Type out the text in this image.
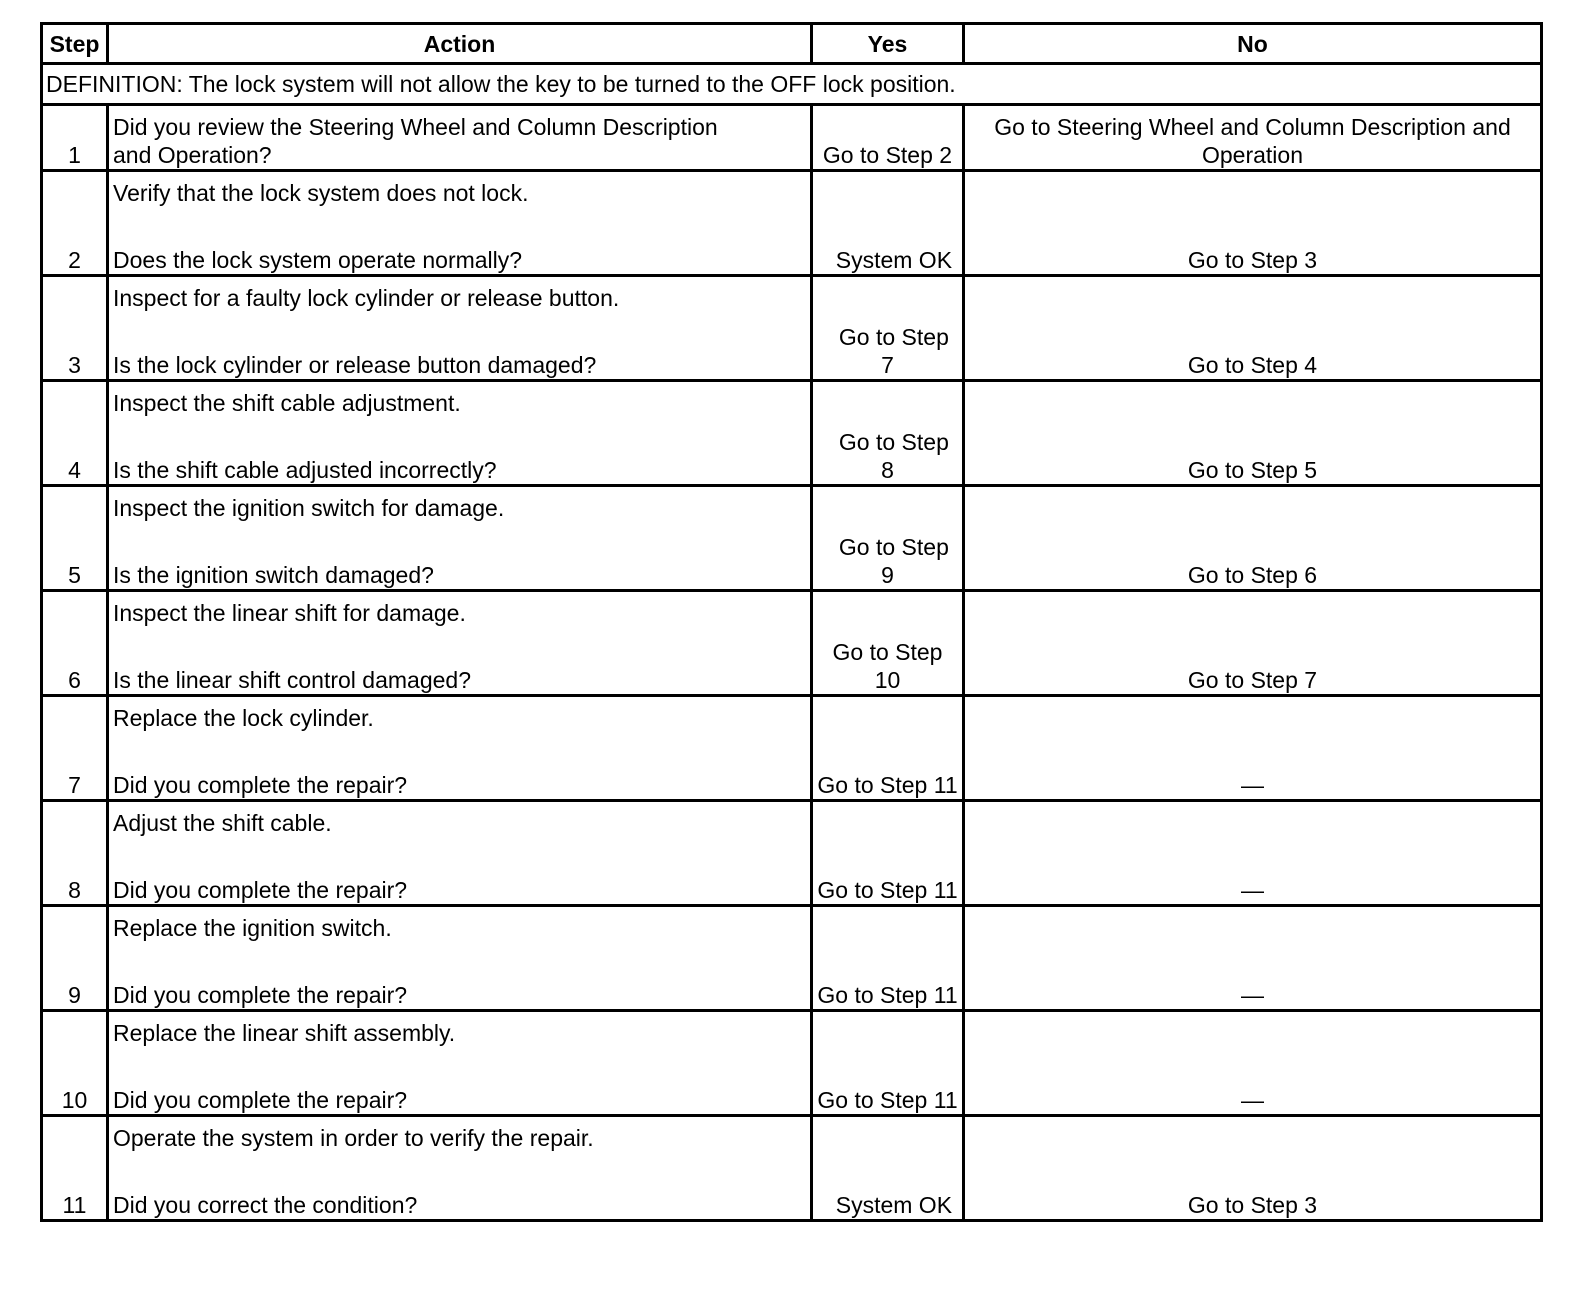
Step	Action	Yes	No
DEFINITION: The lock system will not allow the key to be turned to the OFF lock position.			
1	Did you review the Steering Wheel and Column Description
and Operation?	Go to Step 2	Go to Steering Wheel and Column Description and Operation
2	Verify that the lock system does not lock.
Does the lock system operate normally?	System OK	Go to Step 3
3	Inspect for a faulty lock cylinder or release button.
Is the lock cylinder or release button damaged?	Go to Step 7	Go to Step 4
4	Inspect the shift cable adjustment.
Is the shift cable adjusted incorrectly?	Go to Step 8	Go to Step 5
5	Inspect the ignition switch for damage.
Is the ignition switch damaged?	Go to Step 9	Go to Step 6
6	Inspect the linear shift for damage.
Is the linear shift control damaged?	Go to Step 10	Go to Step 7
7	Replace the lock cylinder.
Did you complete the repair?	Go to Step 11	—
8	Adjust the shift cable.
Did you complete the repair?	Go to Step 11	—
9	Replace the ignition switch.
Did you complete the repair?	Go to Step 11	—
10	Replace the linear shift assembly.
Did you complete the repair?	Go to Step 11	—
11	Operate the system in order to verify the repair.
Did you correct the condition?	System OK	Go to Step 3
